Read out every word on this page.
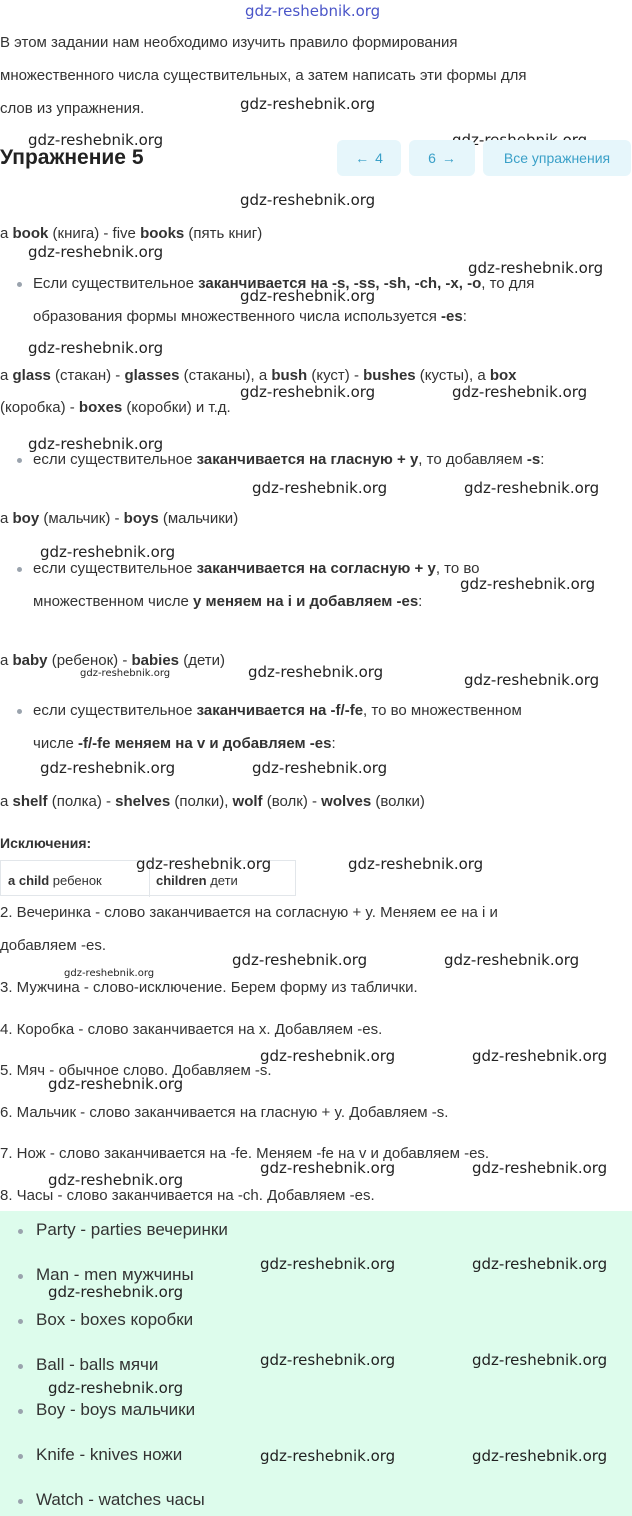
gdz-reshebnik.org
В этом задании нам необходимо изучить правило формирования
множественного числа существительных, а затем написать эти формы для
слов из упражнения.	gdz-reshebnik.org
gdz-reshebnik.org
Упражнение 5	← 4	6 →	Все упражнения
gdz-reshebnik.org
a book (книга) - five books (пять книг)
gdz-reshebnik.org
gdz-reshebnik.org
Если существительное заканчивается на -s, -ss, -sh, -ch, -x, -o, то для
gdz-reshebnik.org
образования формы множественного числа используется -es:
gdz-reshebnik.org
a glass (стакан) - glasses (стаканы), a bush (куст) - bushes (кусты), a box
(коробка) - boxes (коробки) и т.д.
gdz-reshebnik.org	gdz-reshebnik.org
gdz-reshebnik.org
если существительное заканчивается на гласную + y, то добавляем -s:
gdz-reshebnik.org	gdz-reshebnik.org
a boy (мальчик) - boys (мальчики)
gdz-reshebnik.org
если существительное заканчивается на согласную + y, то во
gdz-reshebnik.org
множественном числе y меняем на i и добавляем -es:
a baby (ребенок) - babies (дети)
gdz-reshebnik.org	gdz-reshebnik.org	gdz-reshebnik.org
если существительное заканчивается на -f/-fe, то во множественном
числе -f/-fe меняем на v и добавляем -es:
gdz-reshebnik.org	gdz-reshebnik.org
a shelf (полка) - shelves (полки), wolf (волк) - wolves (волки)
Исключения:
a child ребенок	children дети
gdz-reshebnik.org	gdz-reshebnik.org
2. Вечеринка - слово заканчивается на согласную + y. Меняем ее на i и
добавляем -es.
gdz-reshebnik.org
gdz-reshebnik.org	gdz-reshebnik.org
3. Мужчина - слово-исключение. Берем форму из таблички.
4. Коробка - слово заканчивается на x. Добавляем -es.
gdz-reshebnik.org	gdz-reshebnik.org
5. Мяч - обычное слово. Добавляем -s.
gdz-reshebnik.org
6. Мальчик - слово заканчивается на гласную + y. Добавляем -s.
7. Нож - слово заканчивается на -fe. Меняем -fe на v и добавляем -es.
gdz-reshebnik.org	gdz-reshebnik.org
gdz-reshebnik.org
8. Часы - слово заканчивается на -ch. Добавляем -es.
Party - parties вечеринки
Man - men мужчины
gdz-reshebnik.org	gdz-reshebnik.org
gdz-reshebnik.org
Box - boxes коробки
Ball - balls мячи	gdz-reshebnik.org	gdz-reshebnik.org
gdz-reshebnik.org
Boy - boys мальчики
Knife - knives ножи	gdz-reshebnik.org	gdz-reshebnik.org
Watch - watches часы
